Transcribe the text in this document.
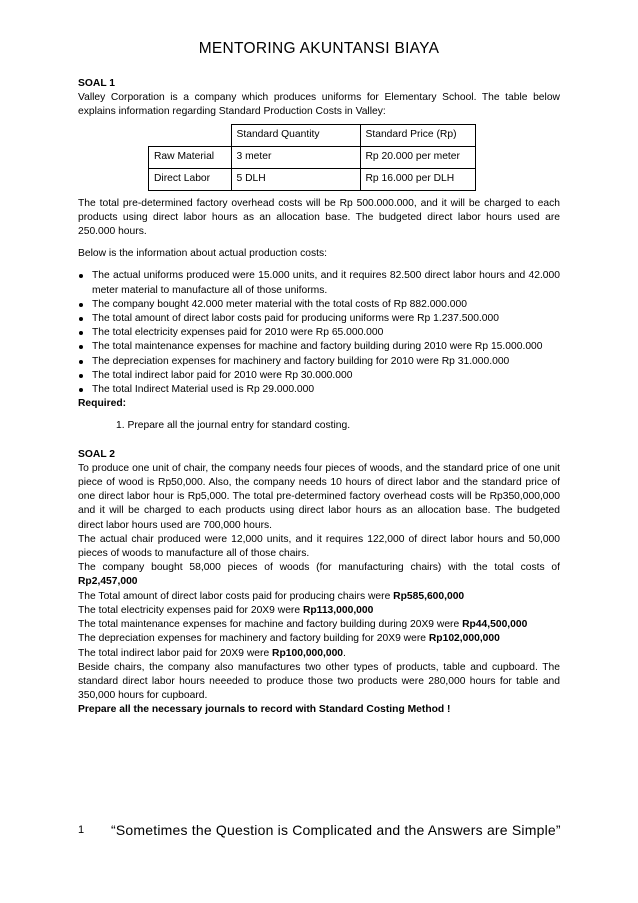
MENTORING AKUNTANSI BIAYA

SOAL 1

Valley Corporation is a company which produces uniforms for Elementary School. The table below explains information regarding Standard Production Costs in Valley:

	Standard Quantity	Standard Price (Rp)
Raw Material	3 meter	Rp 20.000 per meter
Direct Labor	5 DLH	Rp 16.000 per DLH

The total pre-determined factory overhead costs will be Rp 500.000.000, and it will be charged to each products using direct labor hours as an allocation base. The budgeted direct labor hours used are 250.000 hours.

Below is the information about actual production costs:

The actual uniforms produced were 15.000 units, and it requires 82.500 direct labor hours and 42.000 meter material to manufacture all of those uniforms.
The company bought 42.000 meter material with the total costs of Rp 882.000.000
The total amount of direct labor costs paid for producing uniforms were Rp 1.237.500.000
The total electricity expenses paid for 2010 were Rp 65.000.000
The total maintenance expenses for machine and factory building during 2010 were Rp 15.000.000
The depreciation expenses for machinery and factory building for 2010 were Rp 31.000.000
The total indirect labor paid for 2010 were Rp 30.000.000
The total Indirect Material used is Rp 29.000.000

Required:

1. Prepare all the journal entry for standard costing.

SOAL 2

To produce one unit of chair, the company needs four pieces of woods, and the standard price of one unit piece of wood is Rp50,000. Also, the company needs 10 hours of direct labor and the standard price of one direct labor hour is Rp5,000. The total pre-determined factory overhead costs will be Rp350,000,000 and it will be charged to each products using direct labor hours as an allocation base. The budgeted direct labor hours used are 700,000 hours.

The actual chair produced were 12,000 units, and it requires 122,000 of direct labor hours and 50,000 pieces of woods to manufacture all of those chairs.

The company bought 58,000 pieces of woods (for manufacturing chairs) with the total costs of Rp2,457,000

The Total amount of direct labor costs paid for producing chairs were Rp585,600,000

The total electricity expenses paid for 20X9 were Rp113,000,000

The total maintenance expenses for machine and factory building during 20X9 were Rp44,500,000

The depreciation expenses for machinery and factory building for 20X9 were Rp102,000,000

The total indirect labor paid for 20X9 were Rp100,000,000.

Beside chairs, the company also manufactures two other types of products, table and cupboard. The standard direct labor hours neeeded to produce those two products were 280,000 hours for table and 350,000 hours for cupboard.

Prepare all the necessary journals to record with Standard Costing Method !

1 “Sometimes the Question is Complicated and the Answers are Simple”
